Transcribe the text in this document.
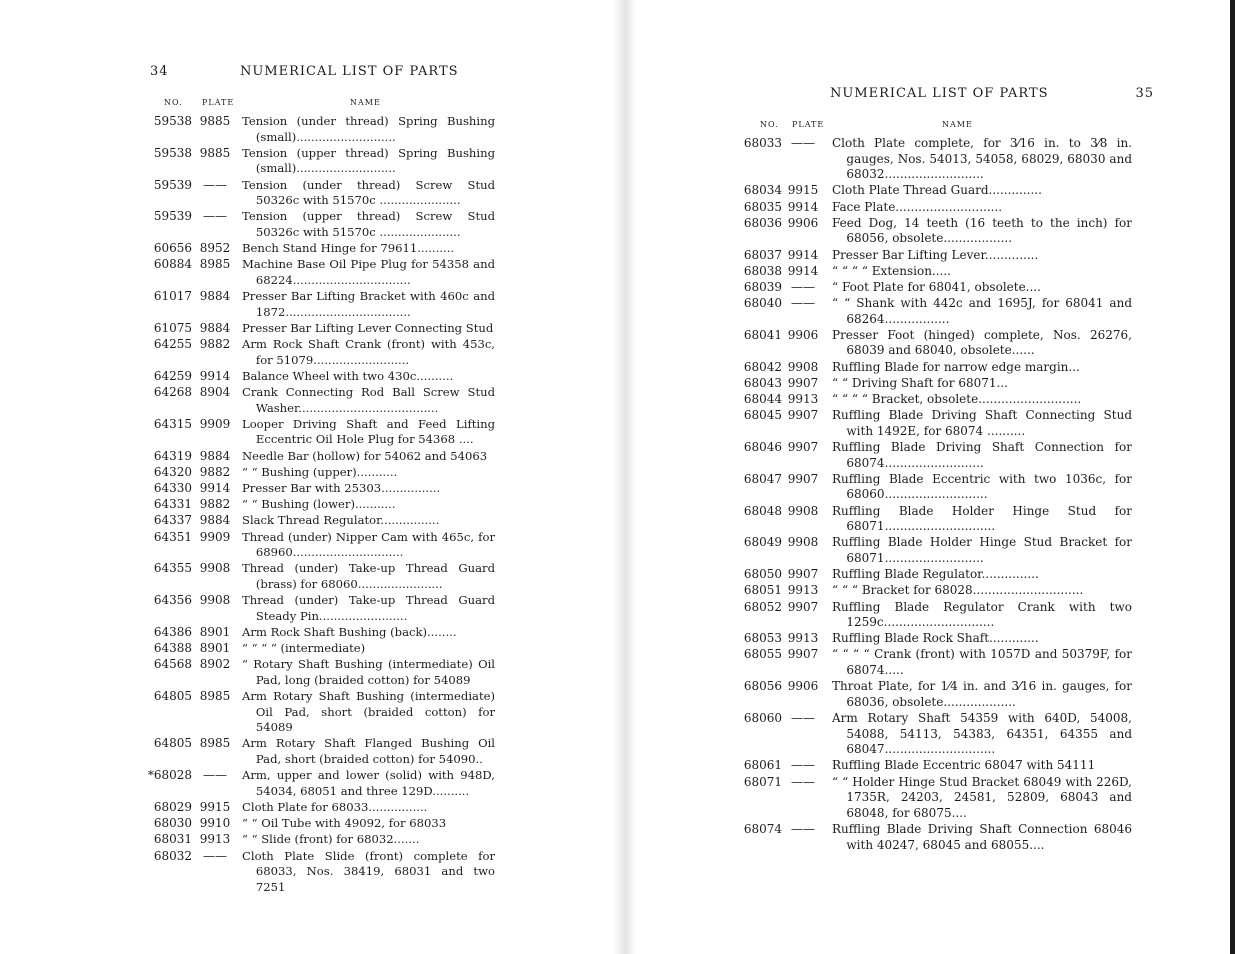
34	NUMERICAL LIST OF PARTS
NO. PLATE	NAME
59538 9885 Tension (under thread) Spring Bushing (small)...........................
59538 9885 Tension (upper thread) Spring Bushing (small)...........................
59539 ——	Tension (under thread) Screw Stud 50326c with 51570c ......................
59539 ——	Tension (upper thread) Screw Stud 50326c with 51570c ......................
60656 8952 Bench Stand Hinge for 79611..........
60884 8985 Machine Base Oil Pipe Plug for 54358 and 68224................................
61017 9884 Presser Bar Lifting Bracket with 460c and 1872..................................
61075 9884 Presser Bar Lifting Lever Connecting Stud
64255 9882 Arm Rock Shaft Crank (front) with 453c, for 51079..........................
64259 9914 Balance Wheel with two 430c..........
64268 8904 Crank Connecting Rod Ball Screw Stud Washer......................................
64315 9909 Looper Driving Shaft and Feed Lifting Eccentric Oil Hole Plug for 54368 ....
64319 9884 Needle Bar (hollow) for 54062 and 54063
64320 9882 “ “ Bushing (upper)...........
64330 9914 Presser Bar with 25303................
64331 9882 “ “ Bushing (lower)...........
64337 9884 Slack Thread Regulator................
64351 9909 Thread (under) Nipper Cam with 465c, for 68960..............................
64355 9908 Thread (under) Take-up Thread Guard (brass) for 68060.......................
64356 9908 Thread (under) Take-up Thread Guard Steady Pin........................
64386 8901 Arm Rock Shaft Bushing (back)........
64388 8901 “ “ “ “ (intermediate)
64568 8902 “ Rotary Shaft Bushing (intermediate) Oil Pad, long (braided cotton) for 54089
64805 8985 Arm Rotary Shaft Bushing (intermediate) Oil Pad, short (braided cotton) for 54089
64805 8985 Arm Rotary Shaft Flanged Bushing Oil Pad, short (braided cotton) for 54090..
*68028 ——	Arm, upper and lower (solid) with 948D, 54034, 68051 and three 129D..........
68029 9915 Cloth Plate for 68033................
68030 9910 “ “ Oil Tube with 49092, for 68033
68031 9913 “ “ Slide (front) for 68032.......
68032 ——	Cloth Plate Slide (front) complete for 68033, Nos. 38419, 68031 and two 7251
NUMERICAL LIST OF PARTS	35
NO. PLATE	NAME
68033 ——	Cloth Plate complete, for 3⁄16 in. to 3⁄8 in. gauges, Nos. 54013, 54058, 68029, 68030 and 68032..........................
68034 9915 Cloth Plate Thread Guard..............
68035 9914 Face Plate............................
68036 9906 Feed Dog, 14 teeth (16 teeth to the inch) for 68056, obsolete..................
68037 9914 Presser Bar Lifting Lever..............
68038 9914 “ “ “ “ Extension.....
68039 ——	“ Foot Plate for 68041, obsolete....
68040 ——	“ “ Shank with 442c and 1695J, for 68041 and 68264.................
68041 9906 Presser Foot (hinged) complete, Nos. 26276, 68039 and 68040, obsolete......
68042 9908 Ruffling Blade for narrow edge margin...
68043 9907 “ “ Driving Shaft for 68071...
68044 9913 “ “ “ “ Bracket, obsolete...........................
68045 9907 Ruffling Blade Driving Shaft Connecting Stud with 1492E, for 68074 ..........
68046 9907 Ruffling Blade Driving Shaft Connection for 68074..........................
68047 9907 Ruffling Blade Eccentric with two 1036c, for 68060...........................
68048 9908 Ruffling Blade Holder Hinge Stud for 68071.............................
68049 9908 Ruffling Blade Holder Hinge Stud Bracket for 68071..........................
68050 9907 Ruffling Blade Regulator...............
68051 9913 “ “ “ Bracket for 68028.............................
68052 9907 Ruffling Blade Regulator Crank with two 1259c.............................
68053 9913 Ruffling Blade Rock Shaft.............
68055 9907 “ “ “ “ Crank (front) with 1057D and 50379F, for 68074.....
68056 9906 Throat Plate, for 1⁄4 in. and 3⁄16 in. gauges, for 68036, obsolete...................
68060 ——	Arm Rotary Shaft 54359 with 640D, 54008, 54088, 54113, 54383, 64351, 64355 and 68047.............................
68061 ——	Ruffling Blade Eccentric 68047 with 54111
68071 ——	“ “ Holder Hinge Stud Bracket 68049 with 226D, 1735R, 24203, 24581, 52809, 68043 and 68048, for 68075....
68074 ——	Ruffling Blade Driving Shaft Connection 68046 with 40247, 68045 and 68055....
